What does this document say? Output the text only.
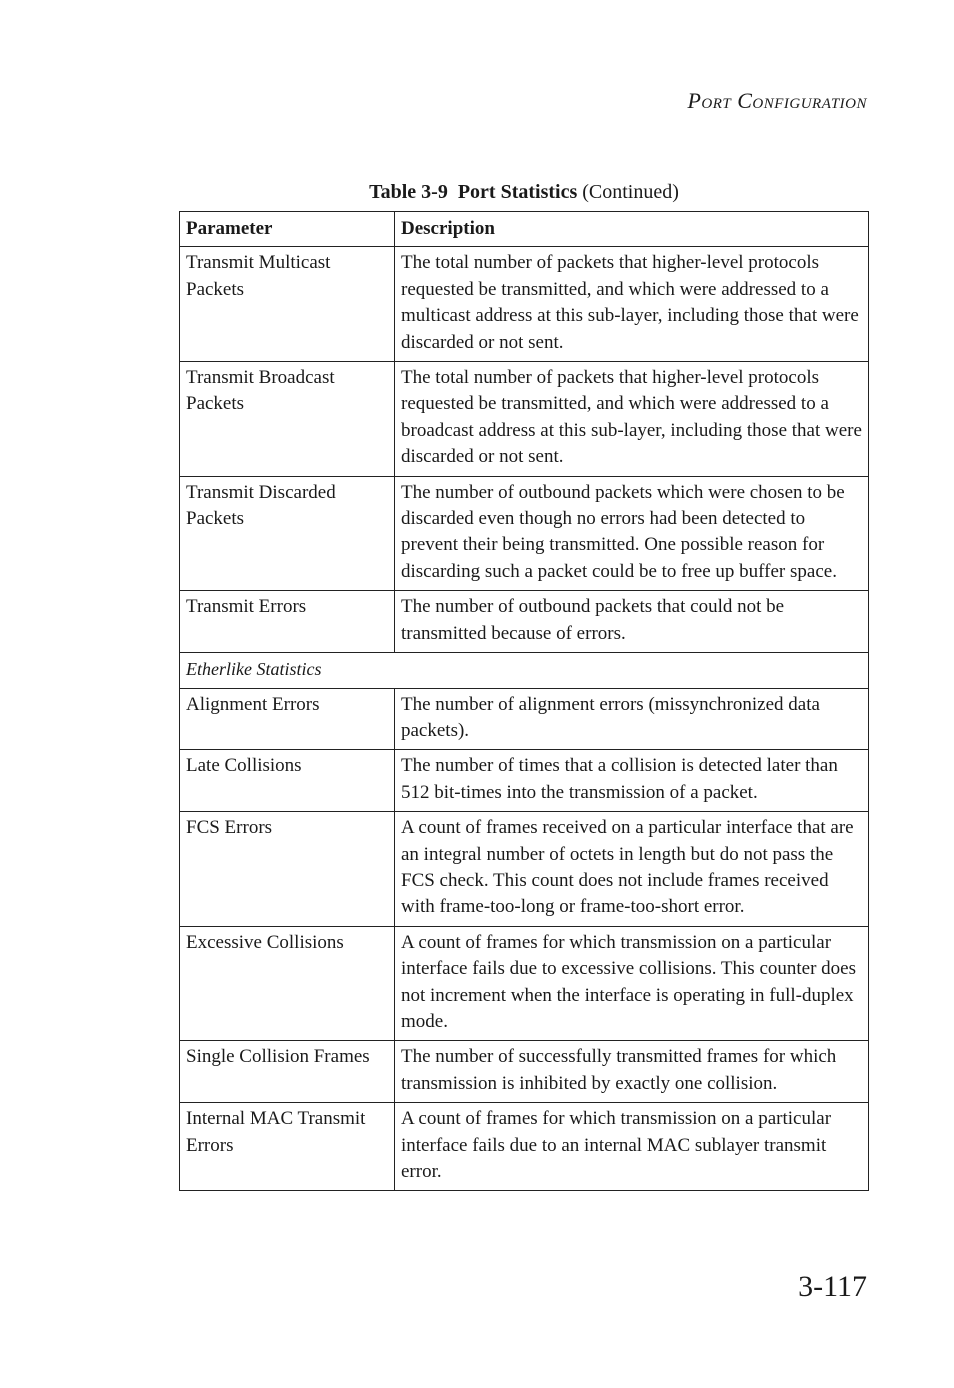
Port Configuration
Table 3-9 Port Statistics (Continued)
Parameter	Description
Transmit Multicast Packets	The total number of packets that higher-level protocols requested be transmitted, and which were addressed to a multicast address at this sub-layer, including those that were discarded or not sent.
Transmit Broadcast Packets	The total number of packets that higher-level protocols requested be transmitted, and which were addressed to a broadcast address at this sub-layer, including those that were discarded or not sent.
Transmit Discarded Packets	The number of outbound packets which were chosen to be discarded even though no errors had been detected to prevent their being transmitted. One possible reason for discarding such a packet could be to free up buffer space.
Transmit Errors	The number of outbound packets that could not be transmitted because of errors.
Etherlike Statistics	
Alignment Errors	The number of alignment errors (missynchronized data packets).
Late Collisions	The number of times that a collision is detected later than 512 bit-times into the transmission of a packet.
FCS Errors	A count of frames received on a particular interface that are an integral number of octets in length but do not pass the FCS check. This count does not include frames received with frame-too-long or frame-too-short error.
Excessive Collisions	A count of frames for which transmission on a particular interface fails due to excessive collisions. This counter does not increment when the interface is operating in full-duplex mode.
Single Collision Frames	The number of successfully transmitted frames for which transmission is inhibited by exactly one collision.
Internal MAC Transmit Errors	A count of frames for which transmission on a particular interface fails due to an internal MAC sublayer transmit error.
3-117
